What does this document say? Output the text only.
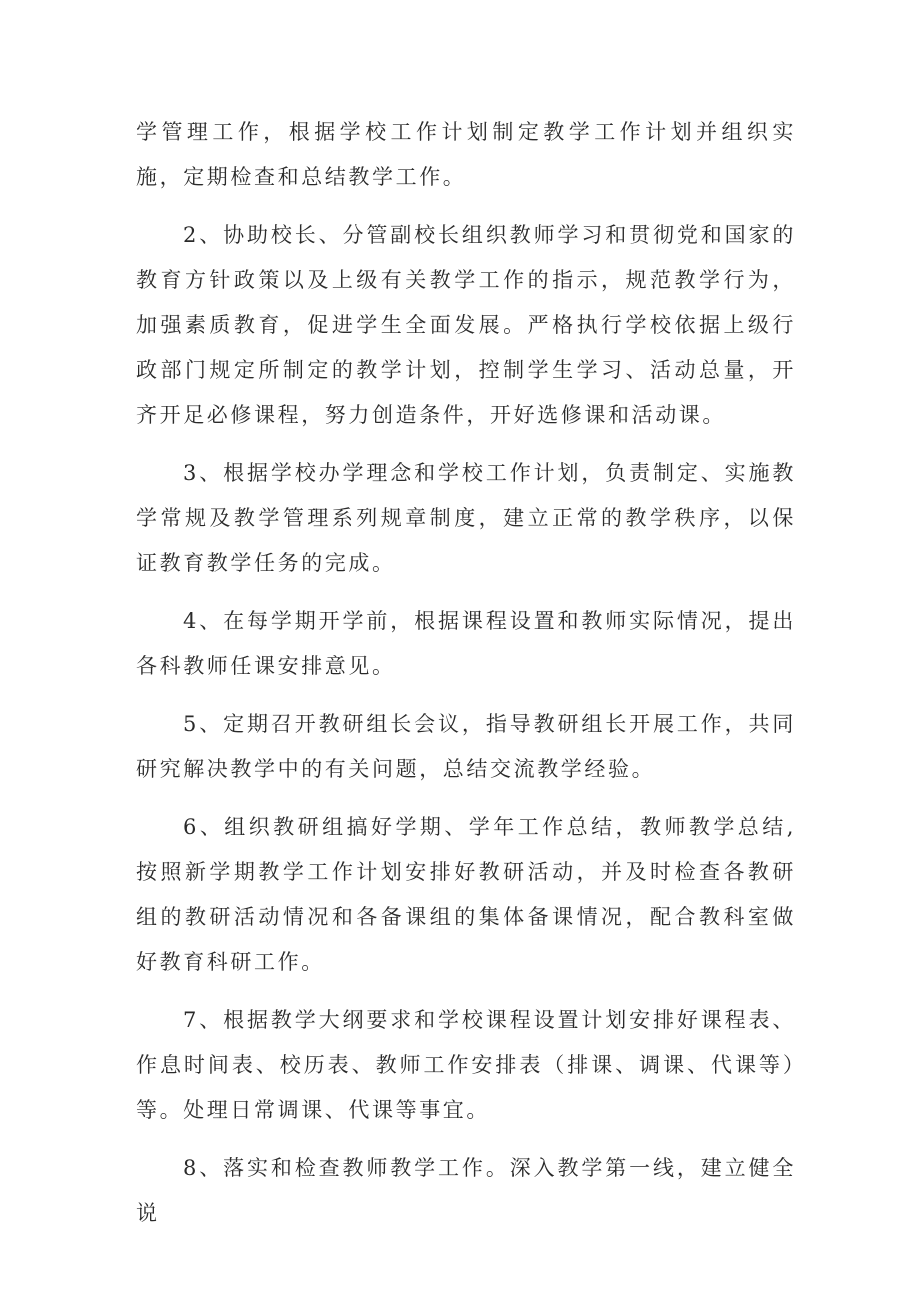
学管理工作，根据学校工作计划制定教学工作计划并组织实施，定期检查和总结教学工作。

2、协助校长、分管副校长组织教师学习和贯彻党和国家的教育方针政策以及上级有关教学工作的指示，规范教学行为，加强素质教育，促进学生全面发展。严格执行学校依据上级行政部门规定所制定的教学计划，控制学生学习、活动总量，开齐开足必修课程，努力创造条件，开好选修课和活动课。

3、根据学校办学理念和学校工作计划，负责制定、实施教学常规及教学管理系列规章制度，建立正常的教学秩序，以保证教育教学任务的完成。

4、在每学期开学前，根据课程设置和教师实际情况，提出各科教师任课安排意见。

5、定期召开教研组长会议，指导教研组长开展工作，共同研究解决教学中的有关问题，总结交流教学经验。

6、组织教研组搞好学期、学年工作总结，教师教学总结,按照新学期教学工作计划安排好教研活动，并及时检查各教研组的教研活动情况和各备课组的集体备课情况，配合教科室做好教育科研工作。

7、根据教学大纲要求和学校课程设置计划安排好课程表、作息时间表、校历表、教师工作安排表（排课、调课、代课等）等。处理日常调课、代课等事宜。

8、落实和检查教师教学工作。深入教学第一线，建立健全说
